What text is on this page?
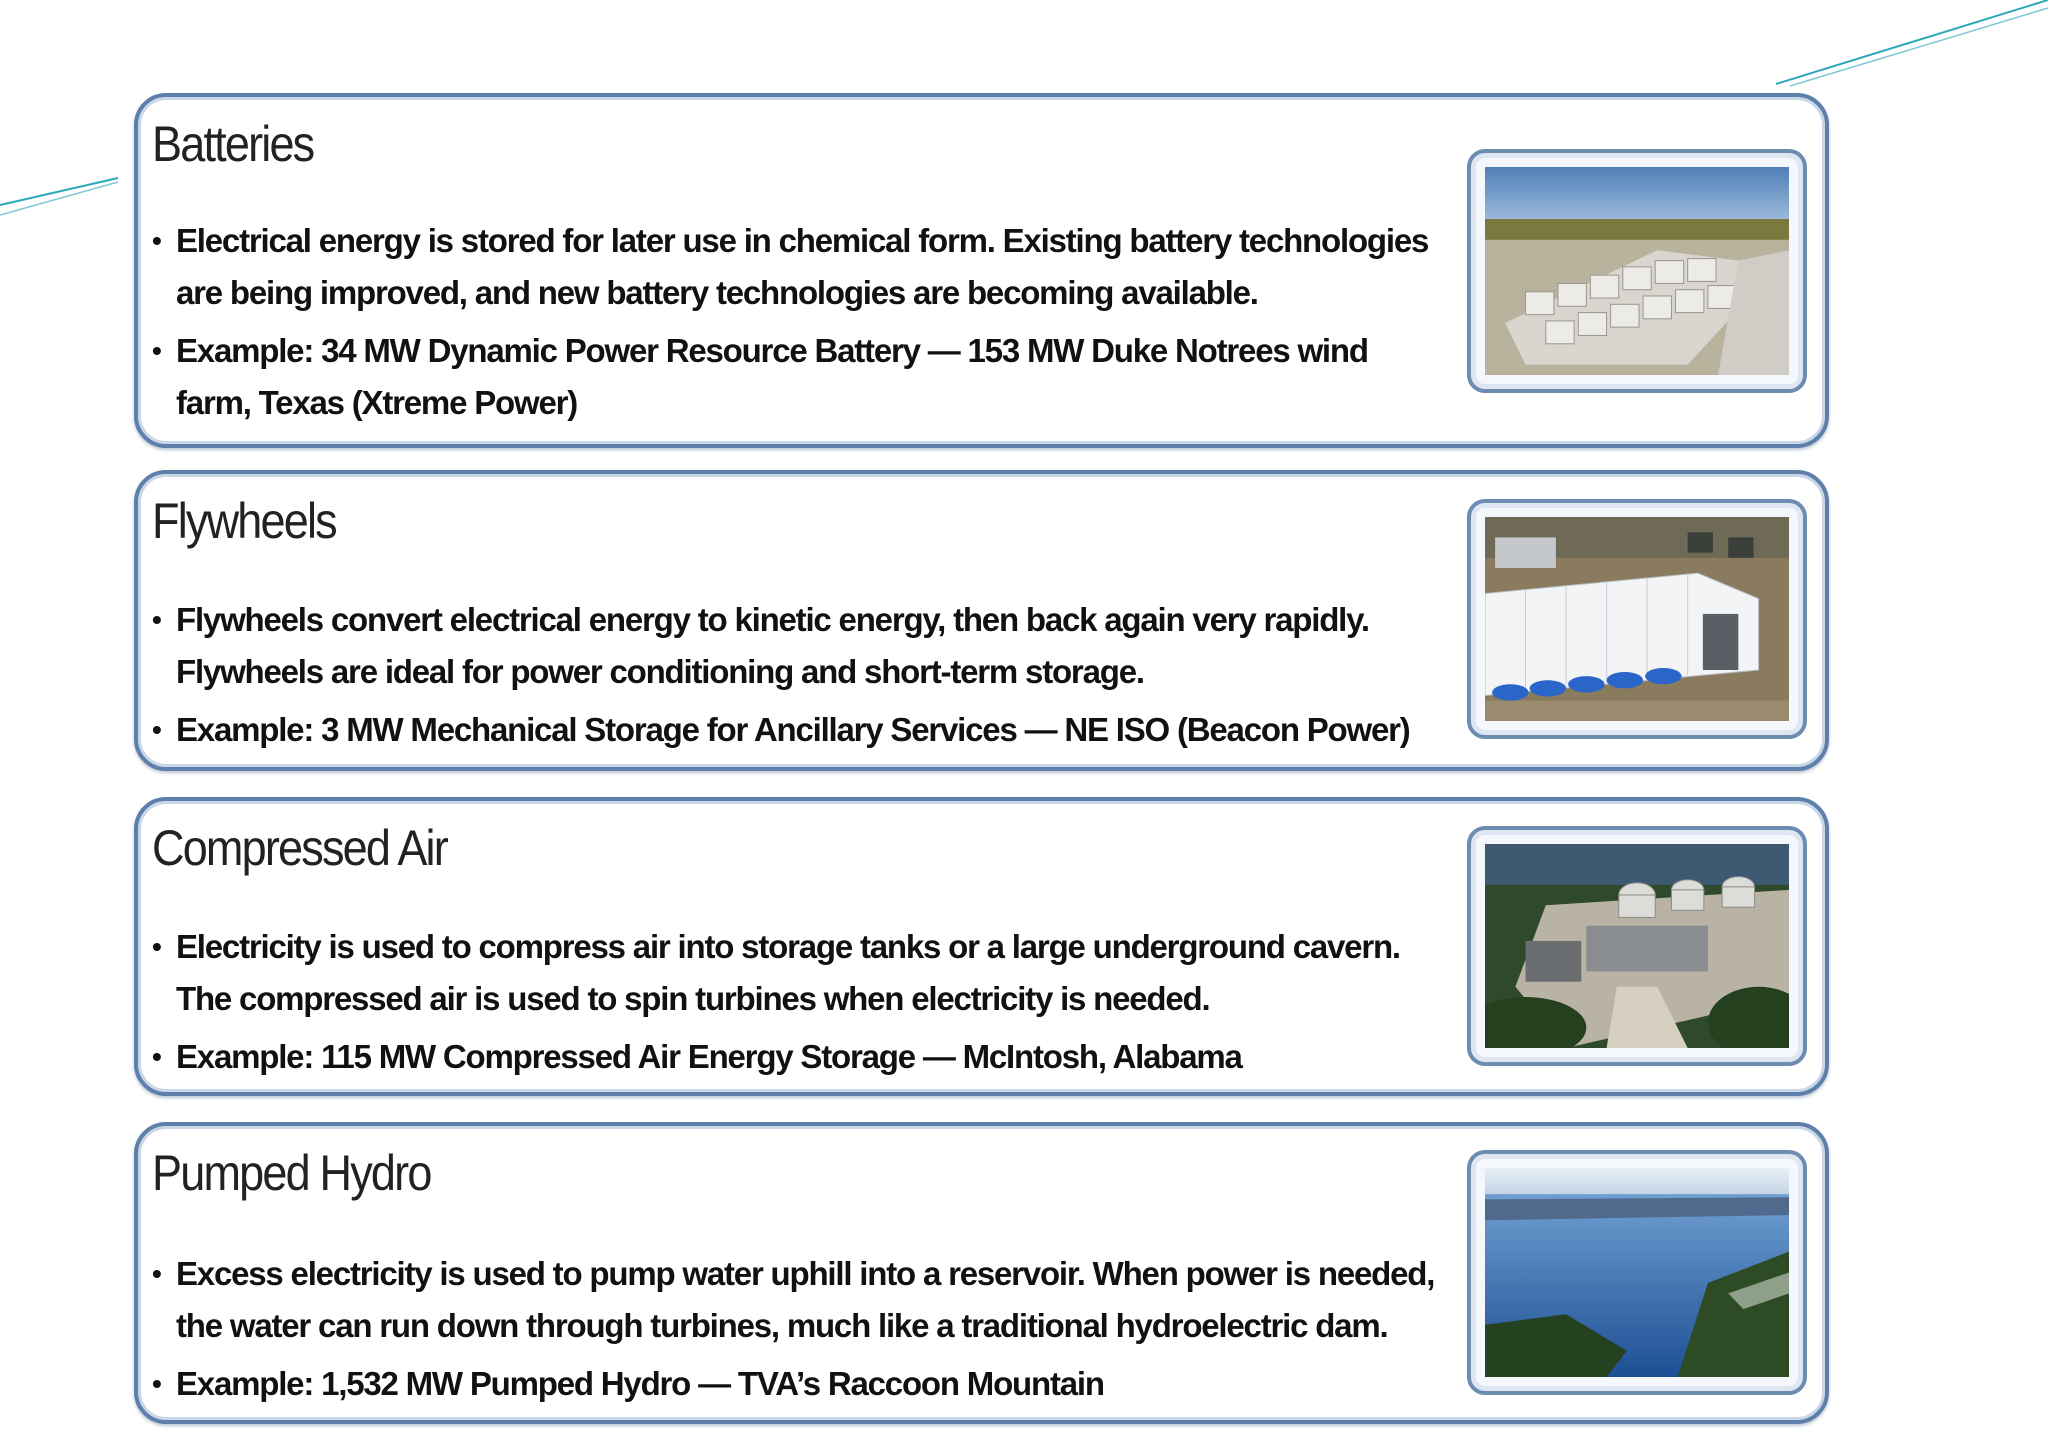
Batteries
• Electrical energy is stored for later use in chemical form. Existing battery technologies are being improved, and new battery technologies are becoming available.
• Example: 34 MW Dynamic Power Resource Battery — 153 MW Duke Notrees wind farm, Texas (Xtreme Power)
Flywheels
• Flywheels convert electrical energy to kinetic energy, then back again very rapidly. Flywheels are ideal for power conditioning and short-term storage.
• Example: 3 MW Mechanical Storage for Ancillary Services — NE ISO (Beacon Power)
Compressed Air
• Electricity is used to compress air into storage tanks or a large underground cavern. The compressed air is used to spin turbines when electricity is needed.
• Example: 115 MW Compressed Air Energy Storage — McIntosh, Alabama
Pumped Hydro
• Excess electricity is used to pump water uphill into a reservoir. When power is needed, the water can run down through turbines, much like a traditional hydroelectric dam.
• Example: 1,532 MW Pumped Hydro — TVA’s Raccoon Mountain
